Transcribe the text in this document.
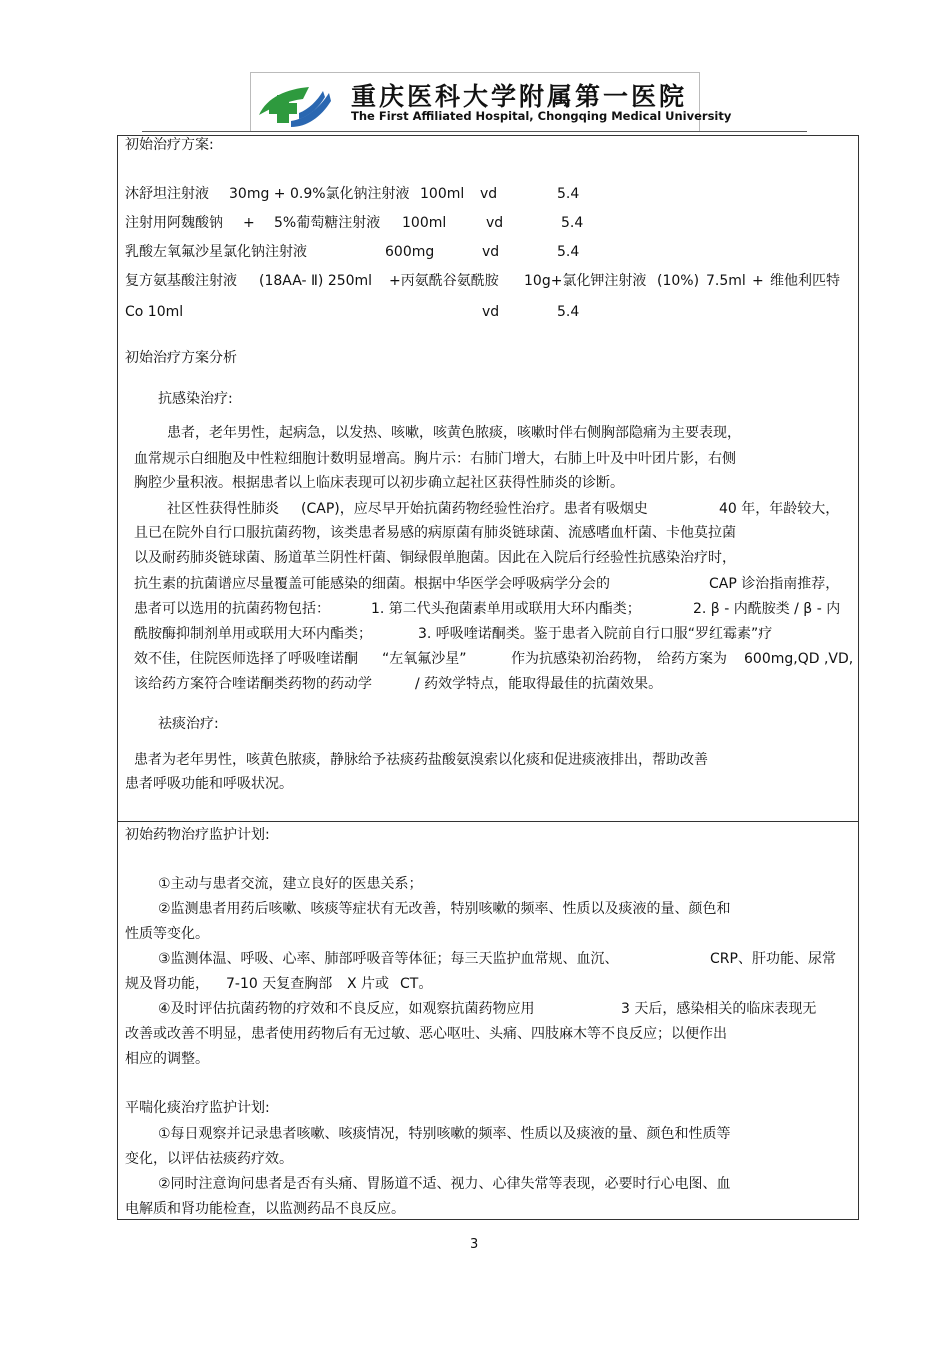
重庆医科大学附属第一医院
The First Affiliated Hospital, Chongqing Medical University
初始治疗方案:
沐舒坦注射液 30mg + 0.9%氯化钠注射液 100ml vd	5.4
注射用阿魏酸钠 + 5%葡萄糖注射液 100ml	vd	5.4
乳酸左氧氟沙星氯化钠注射液	600mg	vd	5.4
复方氨基酸注射液 (18AA- Ⅱ) 250ml +丙氨酰谷氨酰胺 10g+氯化钾注射液 (10%) 7.5ml + 维他利匹特
Co 10ml	vd	5.4
初始治疗方案分析
抗感染治疗:
患者，老年男性，起病急，以发热、咳嗽，咳黄色脓痰，咳嗽时伴右侧胸部隐痛为主要表现，
血常规示白细胞及中性粒细胞计数明显增高。胸片示：右肺门增大，右肺上叶及中叶团片影，右侧
胸腔少量积液。根据患者以上临床表现可以初步确立起社区获得性肺炎的诊断。
社区性获得性肺炎 (CAP)，应尽早开始抗菌药物经验性治疗。患者有吸烟史	40 年，年龄较大，
且已在院外自行口服抗菌药物，该类患者易感的病原菌有肺炎链球菌、流感嗜血杆菌、卡他莫拉菌
以及耐药肺炎链球菌、肠道革兰阴性杆菌、铜绿假单胞菌。因此在入院后行经验性抗感染治疗时，
抗生素的抗菌谱应尽量覆盖可能感染的细菌。根据中华医学会呼吸病学分会的	CAP 诊治指南推荐，
患者可以选用的抗菌药物包括：	1. 第二代头孢菌素单用或联用大环内酯类；	2. β - 内酰胺类 / β - 内
酰胺酶抑制剂单用或联用大环内酯类；	3. 呼吸喹诺酮类。鉴于患者入院前自行口服“罗红霉素”疗
效不佳，住院医师选择了呼吸喹诺酮 “左氧氟沙星”	作为抗感染初治药物， 给药方案为 600mg,QD ,VD,
该给药方案符合喹诺酮类药物的药动学	/ 药效学特点，能取得最佳的抗菌效果。
祛痰治疗:
患者为老年男性，咳黄色脓痰，静脉给予祛痰药盐酸氨溴索以化痰和促进痰液排出，帮助改善
患者呼吸功能和呼吸状况。
初始药物治疗监护计划:
①主动与患者交流，建立良好的医患关系；
②监测患者用药后咳嗽、咳痰等症状有无改善，特别咳嗽的频率、性质以及痰液的量、颜色和
性质等变化。
③监测体温、呼吸、心率、肺部呼吸音等体征；每三天监护血常规、血沉、	CRP、肝功能、尿常
规及肾功能， 7-10 天复查胸部 X 片或 CT。
④及时评估抗菌药物的疗效和不良反应，如观察抗菌药物应用	3 天后，感染相关的临床表现无
改善或改善不明显，患者使用药物后有无过敏、恶心呕吐、头痛、四肢麻木等不良反应；以便作出
相应的调整。
平喘化痰治疗监护计划:
①每日观察并记录患者咳嗽、咳痰情况，特别咳嗽的频率、性质以及痰液的量、颜色和性质等
变化，以评估祛痰药疗效。
②同时注意询问患者是否有头痛、胃肠道不适、视力、心律失常等表现，必要时行心电图、血
电解质和肾功能检查，以监测药品不良反应。
3
